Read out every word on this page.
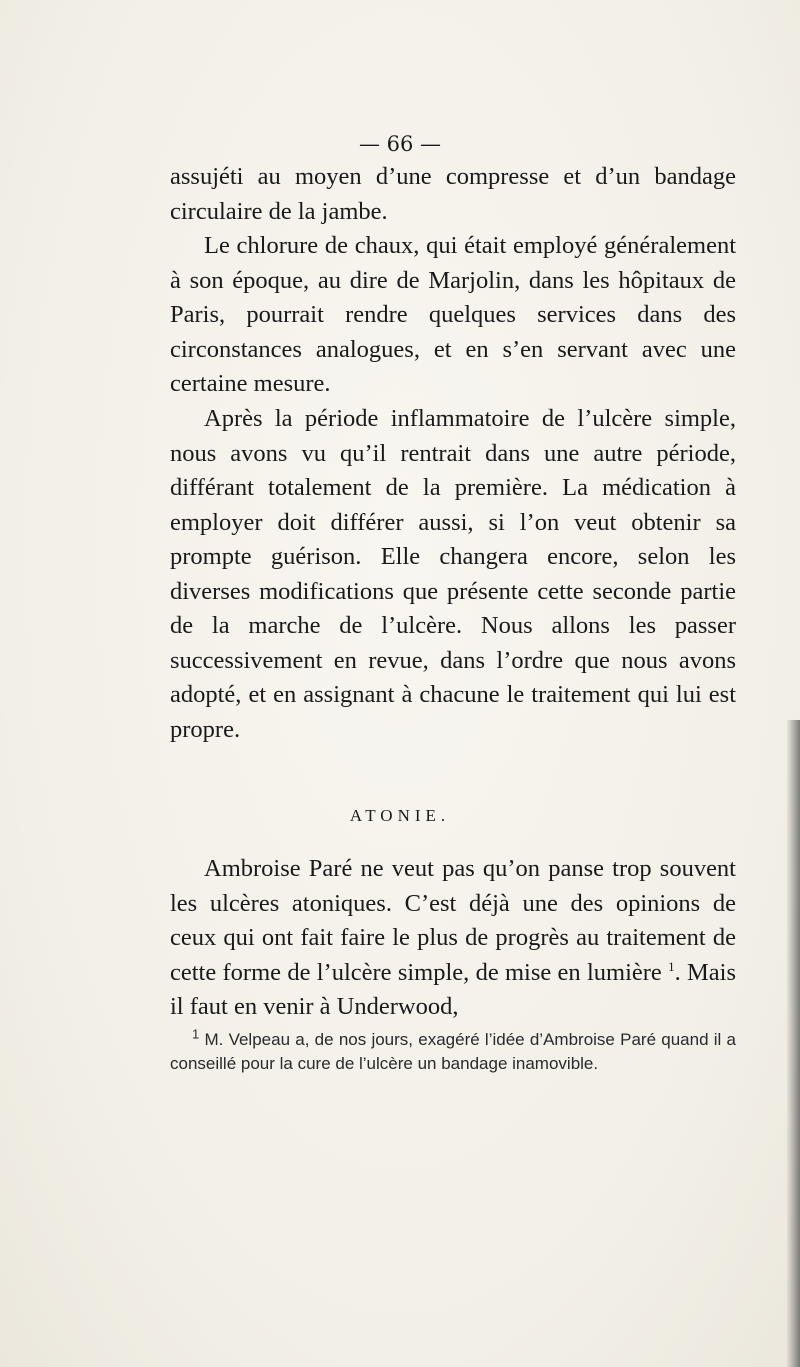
— 66 —

assujéti au moyen d’une compresse et d’un bandage circulaire de la jambe.

Le chlorure de chaux, qui était employé généralement à son époque, au dire de Marjolin, dans les hôpitaux de Paris, pourrait rendre quelques services dans des circonstances analogues, et en s’en servant avec une certaine mesure.

Après la période inflammatoire de l’ulcère simple, nous avons vu qu’il rentrait dans une autre période, différant totalement de la première. La médication à employer doit différer aussi, si l’on veut obtenir sa prompte guérison. Elle changera encore, selon les diverses modifications que présente cette seconde partie de la marche de l’ulcère. Nous allons les passer successivement en revue, dans l’ordre que nous avons adopté, et en assignant à chacune le traitement qui lui est propre.

ATONIE.

Ambroise Paré ne veut pas qu’on panse trop souvent les ulcères atoniques. C’est déjà une des opinions de ceux qui ont fait faire le plus de progrès au traitement de cette forme de l’ulcère simple, de mise en lumière $^1$. Mais il faut en venir à Underwood,

$^1$ M. Velpeau a, de nos jours, exagéré l’idée d’Ambroise Paré quand il a conseillé pour la cure de l’ulcère un bandage inamovible.
